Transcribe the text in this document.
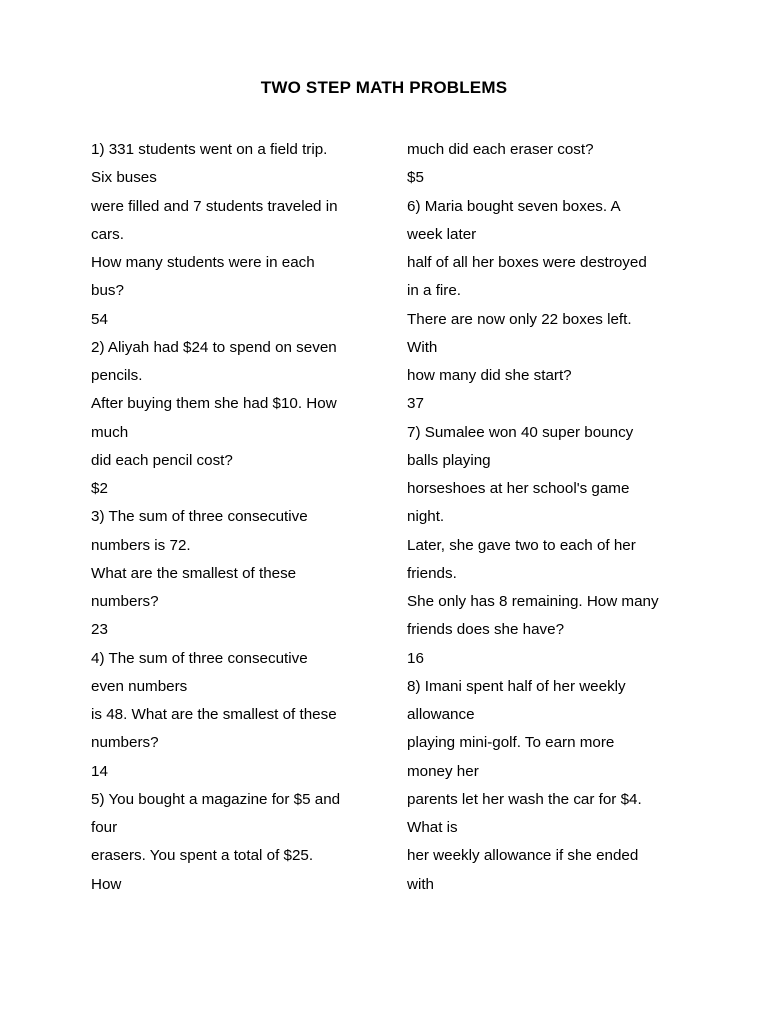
TWO STEP MATH PROBLEMS
1) 331 students went on a field trip.
Six buses
were filled and 7 students traveled in
cars.
How many students were in each
bus?
54
2) Aliyah had $24 to spend on seven
pencils.
After buying them she had $10. How
much
did each pencil cost?
$2
3) The sum of three consecutive
numbers is 72.
What are the smallest of these
numbers?
23
4) The sum of three consecutive
even numbers
is 48. What are the smallest of these
numbers?
14
5) You bought a magazine for $5 and
four
erasers. You spent a total of $25.
How
much did each eraser cost?
$5
6) Maria bought seven boxes. A
week later
half of all her boxes were destroyed
in a fire.
There are now only 22 boxes left.
With
how many did she start?
37
7) Sumalee won 40 super bouncy
balls playing
horseshoes at her school's game
night.
Later, she gave two to each of her
friends.
She only has 8 remaining. How many
friends does she have?
16
8) Imani spent half of her weekly
allowance
playing mini-golf. To earn more
money her
parents let her wash the car for $4.
What is
her weekly allowance if she ended
with
